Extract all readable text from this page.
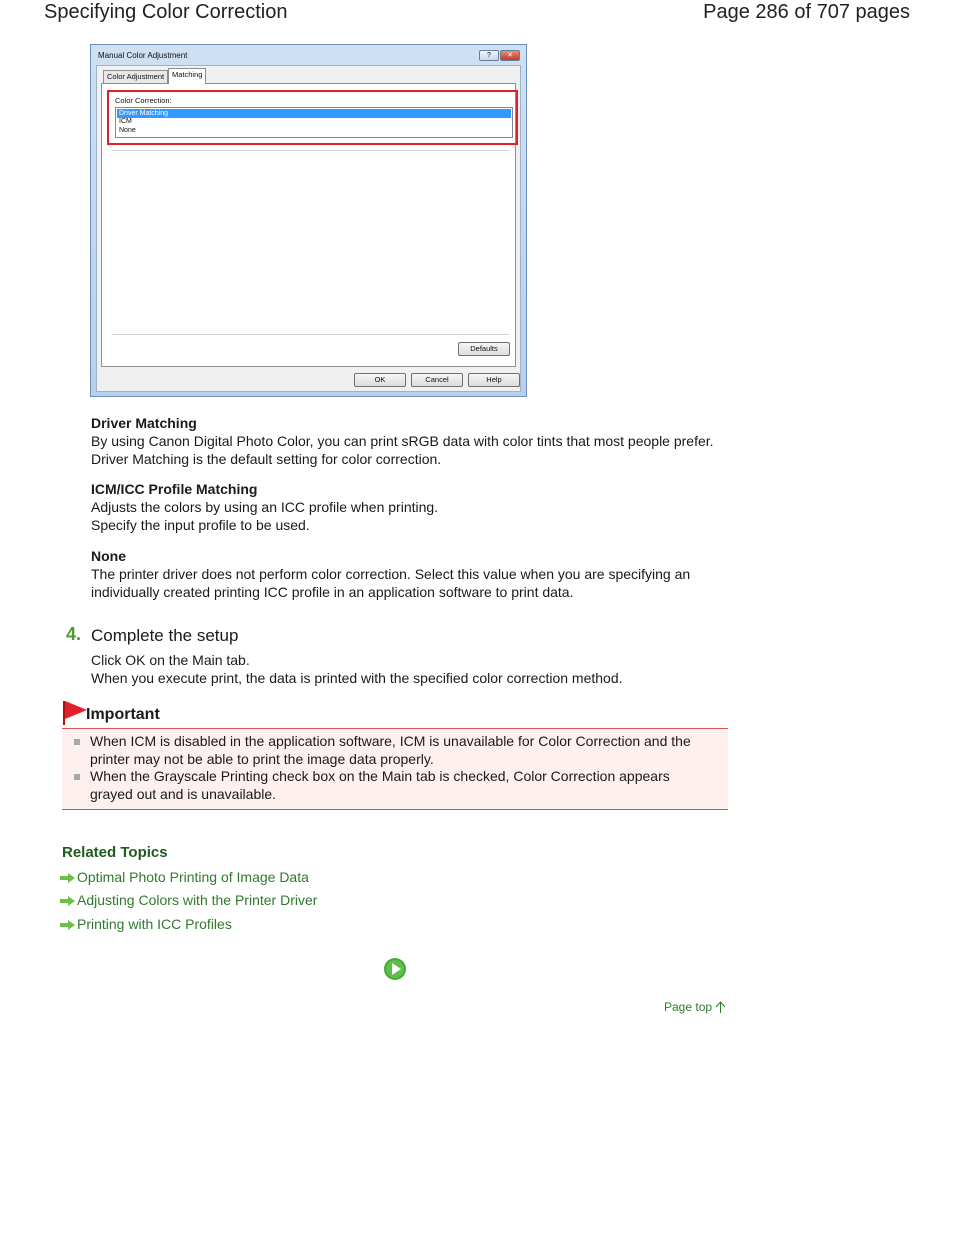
Specifying Color Correction	Page 286 of 707 pages
Manual Color Adjustment	?	✕
Color Adjustment	Matching
Color Correction:
Driver Matching
ICM
None
Defaults
OK	Cancel	Help
Driver Matching
By using Canon Digital Photo Color, you can print sRGB data with color tints that most people prefer.
Driver Matching is the default setting for color correction.
ICM/ICC Profile Matching
Adjusts the colors by using an ICC profile when printing.
Specify the input profile to be used.
None
The printer driver does not perform color correction. Select this value when you are specifying an
individually created printing ICC profile in an application software to print data.
4. Complete the setup
Click OK on the Main tab.
When you execute print, the data is printed with the specified color correction method.
Important
When ICM is disabled in the application software, ICM is unavailable for Color Correction and the
printer may not be able to print the image data properly.
When the Grayscale Printing check box on the Main tab is checked, Color Correction appears
grayed out and is unavailable.
Related Topics
Optimal Photo Printing of Image Data
Adjusting Colors with the Printer Driver
Printing with ICC Profiles
Page top
